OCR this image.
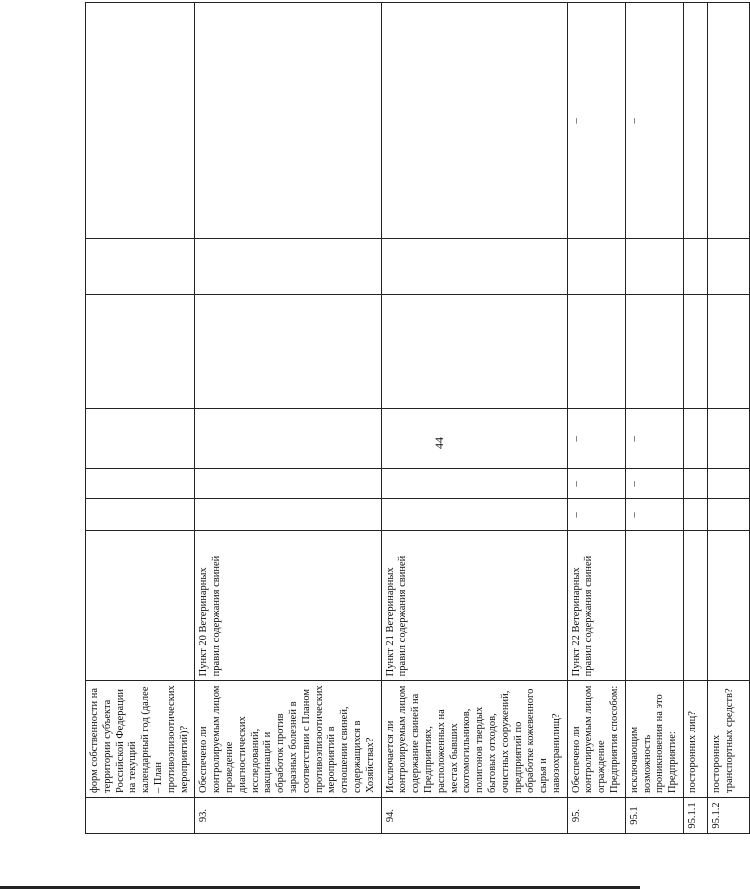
44
	форм собственности на территории субъекта Российской Федерации на текущий календарный год (далее – План противоэпизоотических мероприятий)?							
93.	Обеспечено ли контролируемым лицом проведение диагностических исследований, вакцинаций и обработок против заразных болезней в соответствии с Планом противоэпизоотических мероприятий в отношении свиней, содержащихся в Хозяйствах?	Пункт 20 Ветеринарных правил содержания свиней						
94.	Исключается ли контролируемым лицом содержание свиней на Предприятиях, расположенных на местах бывших скотомогильников, полигонов твердых бытовых отходов, очистных сооружений, предприятий по обработке кожевенного сырья и навозохранилищ?	Пункт 21 Ветеринарных правил содержания свиней						
95.	Обеспечено ли контролируемым лицом ограждение Предприятия способом:	Пункт 22 Ветеринарных правил содержания свиней	–	–	–			–
95.1	исключающим возможность проникновения на это Предприятие:		–	–	–			–
95.1.1	посторонних лиц?							
95.1.2	посторонних транспортных средств?							
